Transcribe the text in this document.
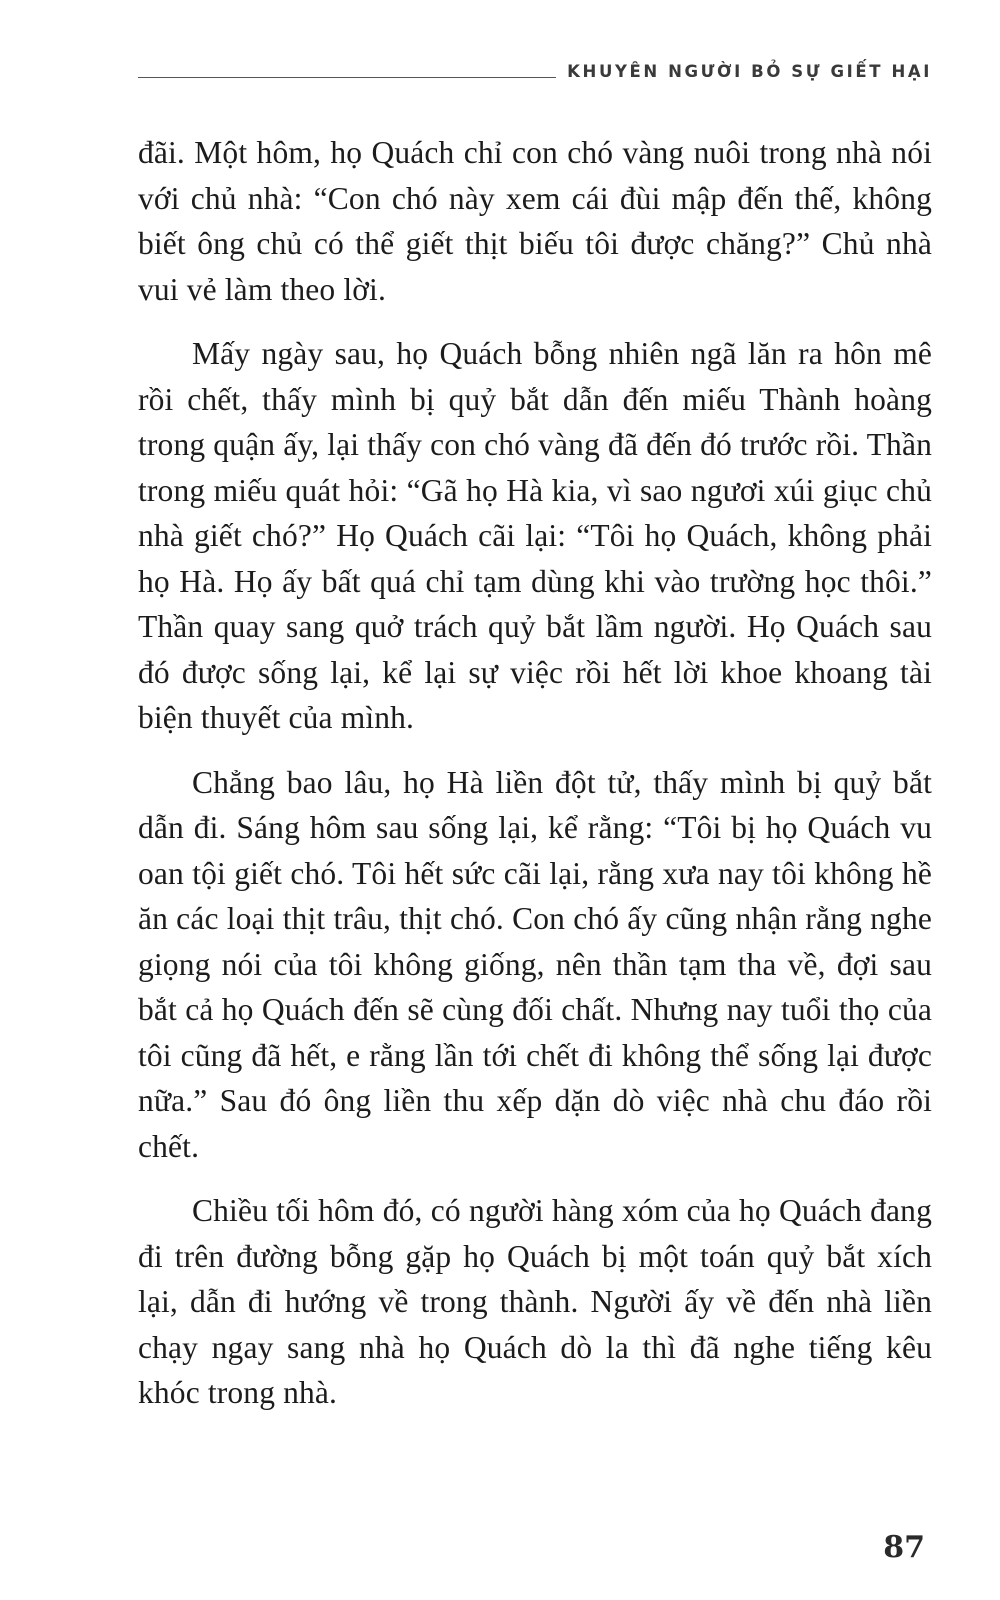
KHUYÊN NGƯỜI BỎ SỰ GIẾT HẠI

đãi. Một hôm, họ Quách chỉ con chó vàng nuôi trong nhà nói với chủ nhà: “Con chó này xem cái đùi mập đến thế, không biết ông chủ có thể giết thịt biếu tôi được chăng?” Chủ nhà vui vẻ làm theo lời.

Mấy ngày sau, họ Quách bỗng nhiên ngã lăn ra hôn mê rồi chết, thấy mình bị quỷ bắt dẫn đến miếu Thành hoàng trong quận ấy, lại thấy con chó vàng đã đến đó trước rồi. Thần trong miếu quát hỏi: “Gã họ Hà kia, vì sao ngươi xúi giục chủ nhà giết chó?” Họ Quách cãi lại: “Tôi họ Quách, không phải họ Hà. Họ ấy bất quá chỉ tạm dùng khi vào trường học thôi.” Thần quay sang quở trách quỷ bắt lầm người. Họ Quách sau đó được sống lại, kể lại sự việc rồi hết lời khoe khoang tài biện thuyết của mình.

Chẳng bao lâu, họ Hà liền đột tử, thấy mình bị quỷ bắt dẫn đi. Sáng hôm sau sống lại, kể rằng: “Tôi bị họ Quách vu oan tội giết chó. Tôi hết sức cãi lại, rằng xưa nay tôi không hề ăn các loại thịt trâu, thịt chó. Con chó ấy cũng nhận rằng nghe giọng nói của tôi không giống, nên thần tạm tha về, đợi sau bắt cả họ Quách đến sẽ cùng đối chất. Nhưng nay tuổi thọ của tôi cũng đã hết, e rằng lần tới chết đi không thể sống lại được nữa.” Sau đó ông liền thu xếp dặn dò việc nhà chu đáo rồi chết.

Chiều tối hôm đó, có người hàng xóm của họ Quách đang đi trên đường bỗng gặp họ Quách bị một toán quỷ bắt xích lại, dẫn đi hướng về trong thành. Người ấy về đến nhà liền chạy ngay sang nhà họ Quách dò la thì đã nghe tiếng kêu khóc trong nhà.

87
